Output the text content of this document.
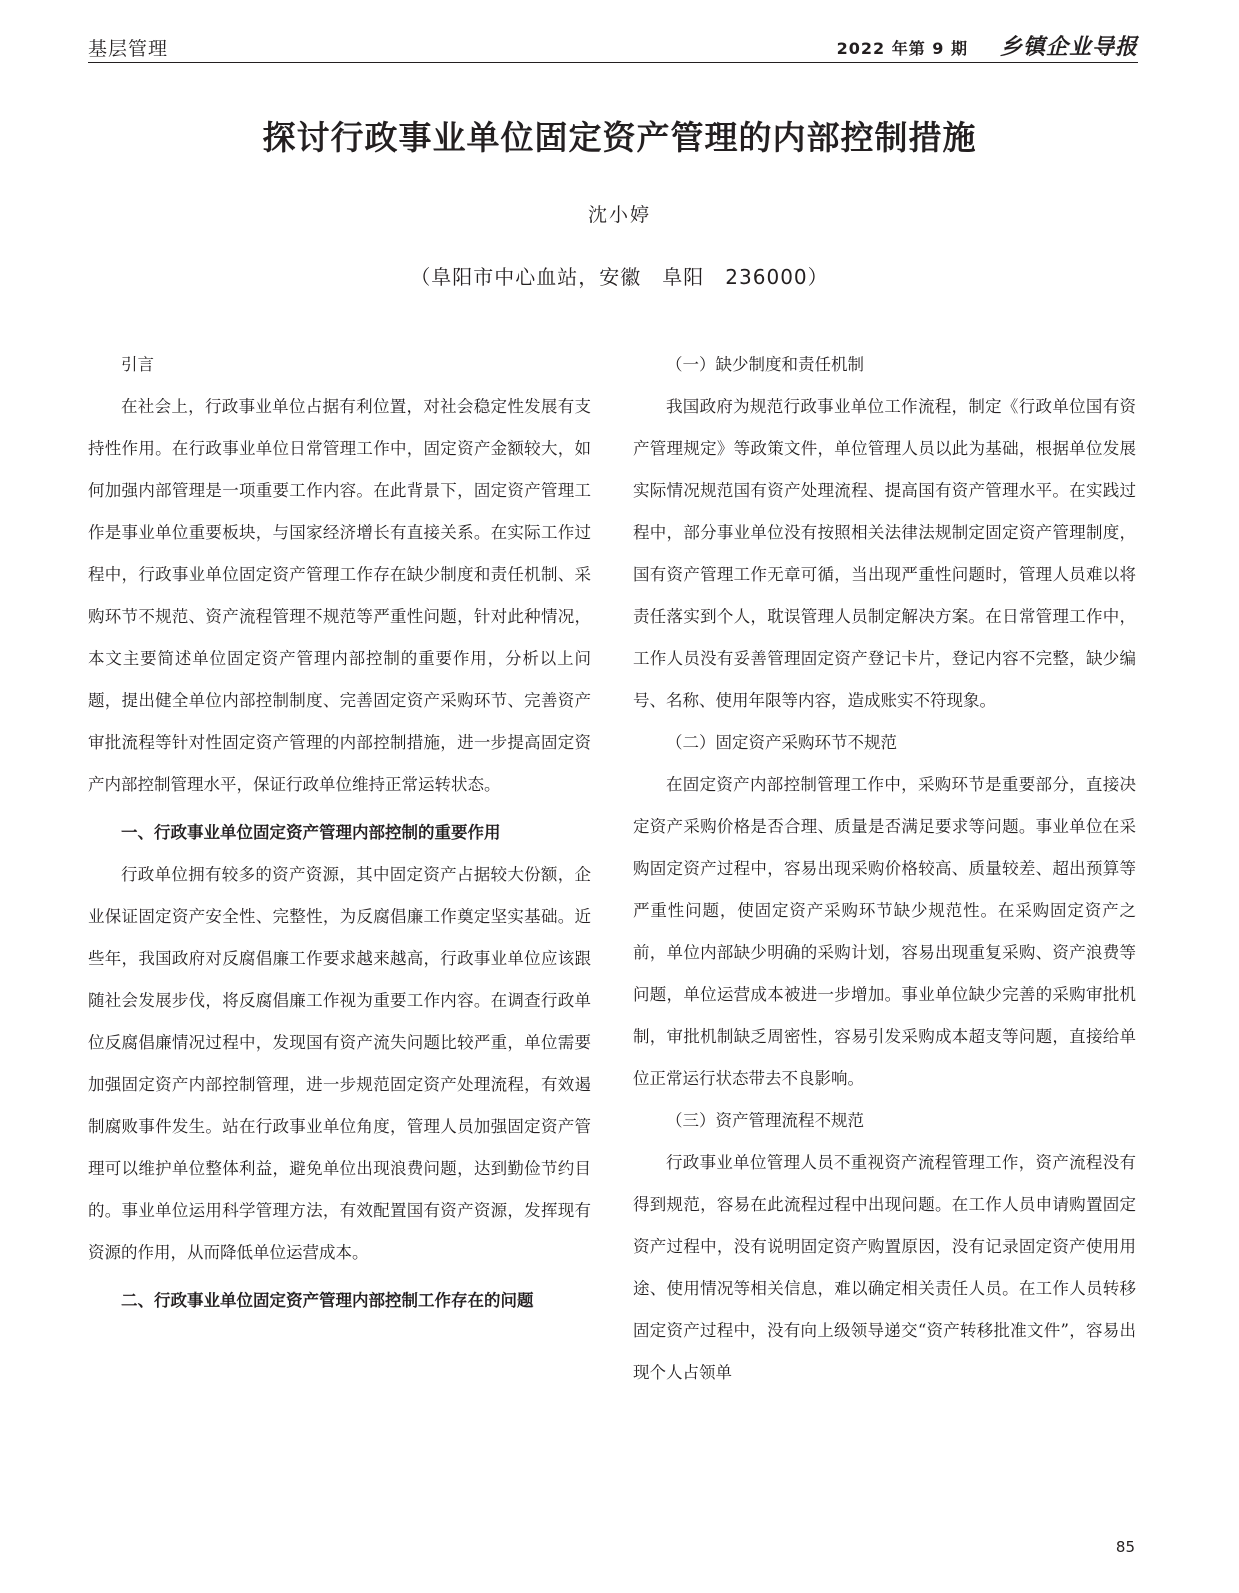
基层管理	2022 年第 9 期 乡镇企业导报
探讨行政事业单位固定资产管理的内部控制措施
沈小婷
（阜阳市中心血站，安徽　阜阳　236000）
引言

在社会上，行政事业单位占据有利位置，对社会稳定性发展有支持性作用。在行政事业单位日常管理工作中，固定资产金额较大，如何加强内部管理是一项重要工作内容。在此背景下，固定资产管理工作是事业单位重要板块，与国家经济增长有直接关系。在实际工作过程中，行政事业单位固定资产管理工作存在缺少制度和责任机制、采购环节不规范、资产流程管理不规范等严重性问题，针对此种情况，本文主要简述单位固定资产管理内部控制的重要作用，分析以上问题，提出健全单位内部控制制度、完善固定资产采购环节、完善资产审批流程等针对性固定资产管理的内部控制措施，进一步提高固定资产内部控制管理水平，保证行政单位维持正常运转状态。

一、行政事业单位固定资产管理内部控制的重要作用

行政单位拥有较多的资产资源，其中固定资产占据较大份额，企业保证固定资产安全性、完整性，为反腐倡廉工作奠定坚实基础。近些年，我国政府对反腐倡廉工作要求越来越高，行政事业单位应该跟随社会发展步伐，将反腐倡廉工作视为重要工作内容。在调查行政单位反腐倡廉情况过程中，发现国有资产流失问题比较严重，单位需要加强固定资产内部控制管理，进一步规范固定资产处理流程，有效遏制腐败事件发生。站在行政事业单位角度，管理人员加强固定资产管理可以维护单位整体利益，避免单位出现浪费问题，达到勤俭节约目的。事业单位运用科学管理方法，有效配置国有资产资源，发挥现有资源的作用，从而降低单位运营成本。

二、行政事业单位固定资产管理内部控制工作存在的问题
（一）缺少制度和责任机制

我国政府为规范行政事业单位工作流程，制定《行政单位国有资产管理规定》等政策文件，单位管理人员以此为基础，根据单位发展实际情况规范国有资产处理流程、提高国有资产管理水平。在实践过程中，部分事业单位没有按照相关法律法规制定固定资产管理制度，国有资产管理工作无章可循，当出现严重性问题时，管理人员难以将责任落实到个人，耽误管理人员制定解决方案。在日常管理工作中，工作人员没有妥善管理固定资产登记卡片，登记内容不完整，缺少编号、名称、使用年限等内容，造成账实不符现象。

（二）固定资产采购环节不规范

在固定资产内部控制管理工作中，采购环节是重要部分，直接决定资产采购价格是否合理、质量是否满足要求等问题。事业单位在采购固定资产过程中，容易出现采购价格较高、质量较差、超出预算等严重性问题，使固定资产采购环节缺少规范性。在采购固定资产之前，单位内部缺少明确的采购计划，容易出现重复采购、资产浪费等问题，单位运营成本被进一步增加。事业单位缺少完善的采购审批机制，审批机制缺乏周密性，容易引发采购成本超支等问题，直接给单位正常运行状态带去不良影响。

（三）资产管理流程不规范

行政事业单位管理人员不重视资产流程管理工作，资产流程没有得到规范，容易在此流程过程中出现问题。在工作人员申请购置固定资产过程中，没有说明固定资产购置原因，没有记录固定资产使用用途、使用情况等相关信息，难以确定相关责任人员。在工作人员转移固定资产过程中，没有向上级领导递交“资产转移批准文件”，容易出现个人占领单

85
